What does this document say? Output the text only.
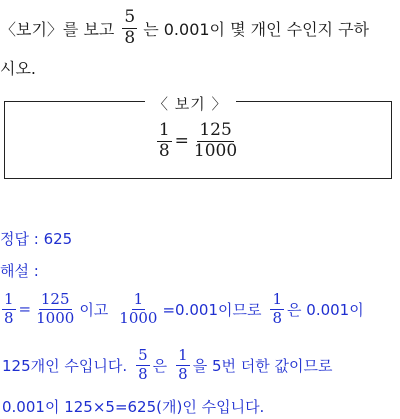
〈보기〉를 보고 $\frac{5}{8}$ 는 0.001이 몇 개인 수인지 구하
시오.
$\frac{1}{8} = \frac{125}{1000}$
〈 보기 〉
정답 : 625
해설 :
$\frac{1}{8} = \frac{125}{1000}$ 이고 $\frac{1}{1000} =0.001$이므로 $\frac{1}{8}$ 은 0.001이
125개인 수입니다. $\frac{5}{8}$ 은 $\frac{1}{8}$ 을 5번 더한 값이므로
0.001이 125×5=625(개)인 수입니다.
